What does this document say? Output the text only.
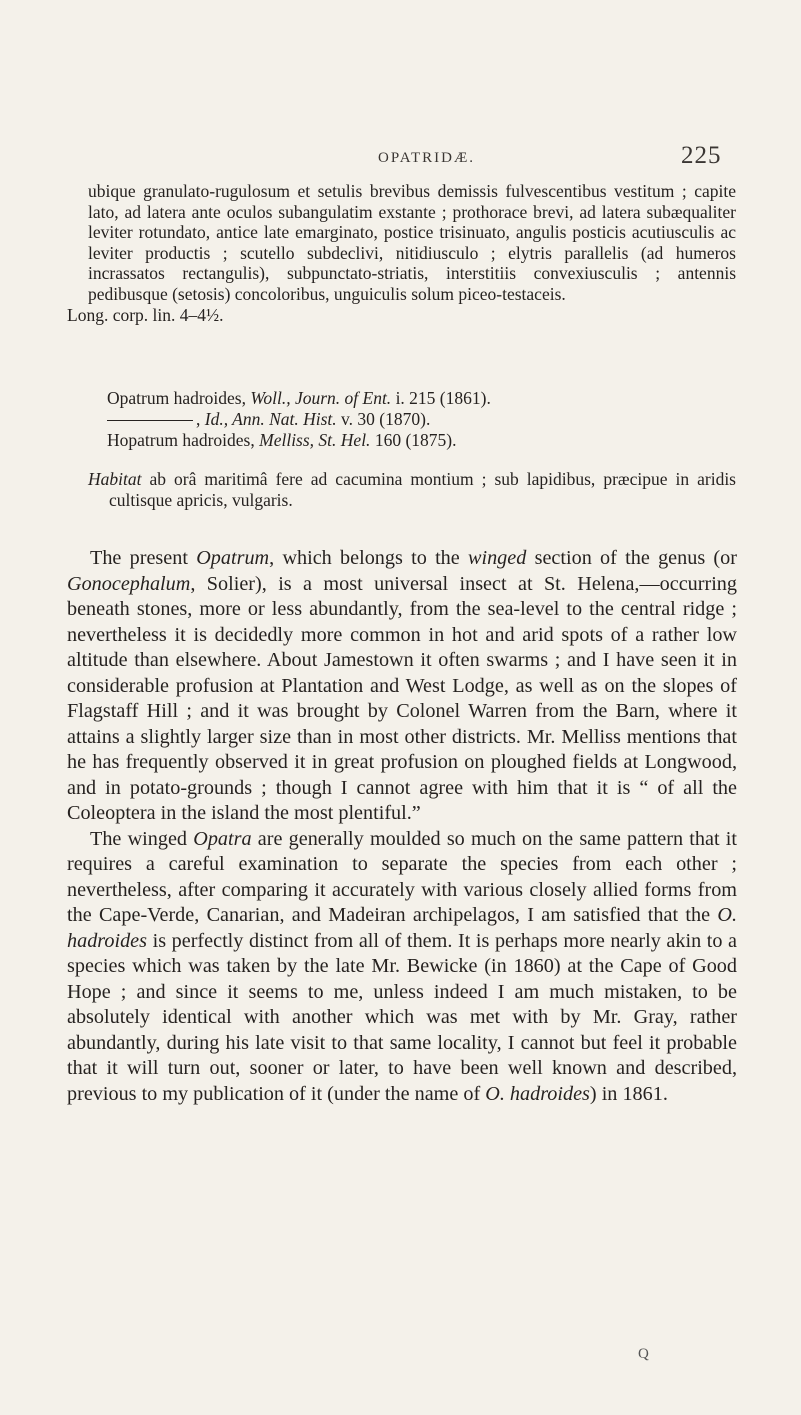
OPATRIDÆ.	225

ubique granulato-rugulosum et setulis brevibus demissis fulvescentibus vestitum ; capite lato, ad latera ante oculos subangulatim exstante ; prothorace brevi, ad latera subæqualiter leviter rotundato, antice late emarginato, postice trisinuato, angulis posticis acutiusculis ac leviter productis ; scutello subdeclivi, nitidiusculo ; elytris parallelis (ad humeros incrassatos rectangulis), subpunctato-striatis, interstitiis convexiusculis ; antennis pedibusque (setosis) concoloribus, unguiculis solum piceo-testaceis.

Long. corp. lin. 4–4½.

Opatrum hadroides, Woll., Journ. of Ent. i. 215 (1861).
, Id., Ann. Nat. Hist. v. 30 (1870).
Hopatrum hadroides, Melliss, St. Hel. 160 (1875).
Habitat ab orâ maritimâ fere ad cacumina montium ; sub lapidibus, præcipue in aridis cultisque apricis, vulgaris.

The present Opatrum, which belongs to the winged section of the genus (or Gonocephalum, Solier), is a most universal insect at St. Helena,—occurring beneath stones, more or less abundantly, from the sea-level to the central ridge ; nevertheless it is decidedly more common in hot and arid spots of a rather low altitude than elsewhere. About Jamestown it often swarms ; and I have seen it in considerable profusion at Plantation and West Lodge, as well as on the slopes of Flagstaff Hill ; and it was brought by Colonel Warren from the Barn, where it attains a slightly larger size than in most other districts. Mr. Melliss mentions that he has frequently observed it in great profusion on ploughed fields at Longwood, and in potato-grounds ; though I cannot agree with him that it is “ of all the Coleoptera in the island the most plentiful.”

The winged Opatra are generally moulded so much on the same pattern that it requires a careful examination to separate the species from each other ; nevertheless, after comparing it accurately with various closely allied forms from the Cape-Verde, Canarian, and Madeiran archipelagos, I am satisfied that the O. hadroides is perfectly distinct from all of them. It is perhaps more nearly akin to a species which was taken by the late Mr. Bewicke (in 1860) at the Cape of Good Hope ; and since it seems to me, unless indeed I am much mistaken, to be absolutely identical with another which was met with by Mr. Gray, rather abundantly, during his late visit to that same locality, I cannot but feel it probable that it will turn out, sooner or later, to have been well known and described, previous to my publication of it (under the name of O. hadroides) in 1861.

Q
